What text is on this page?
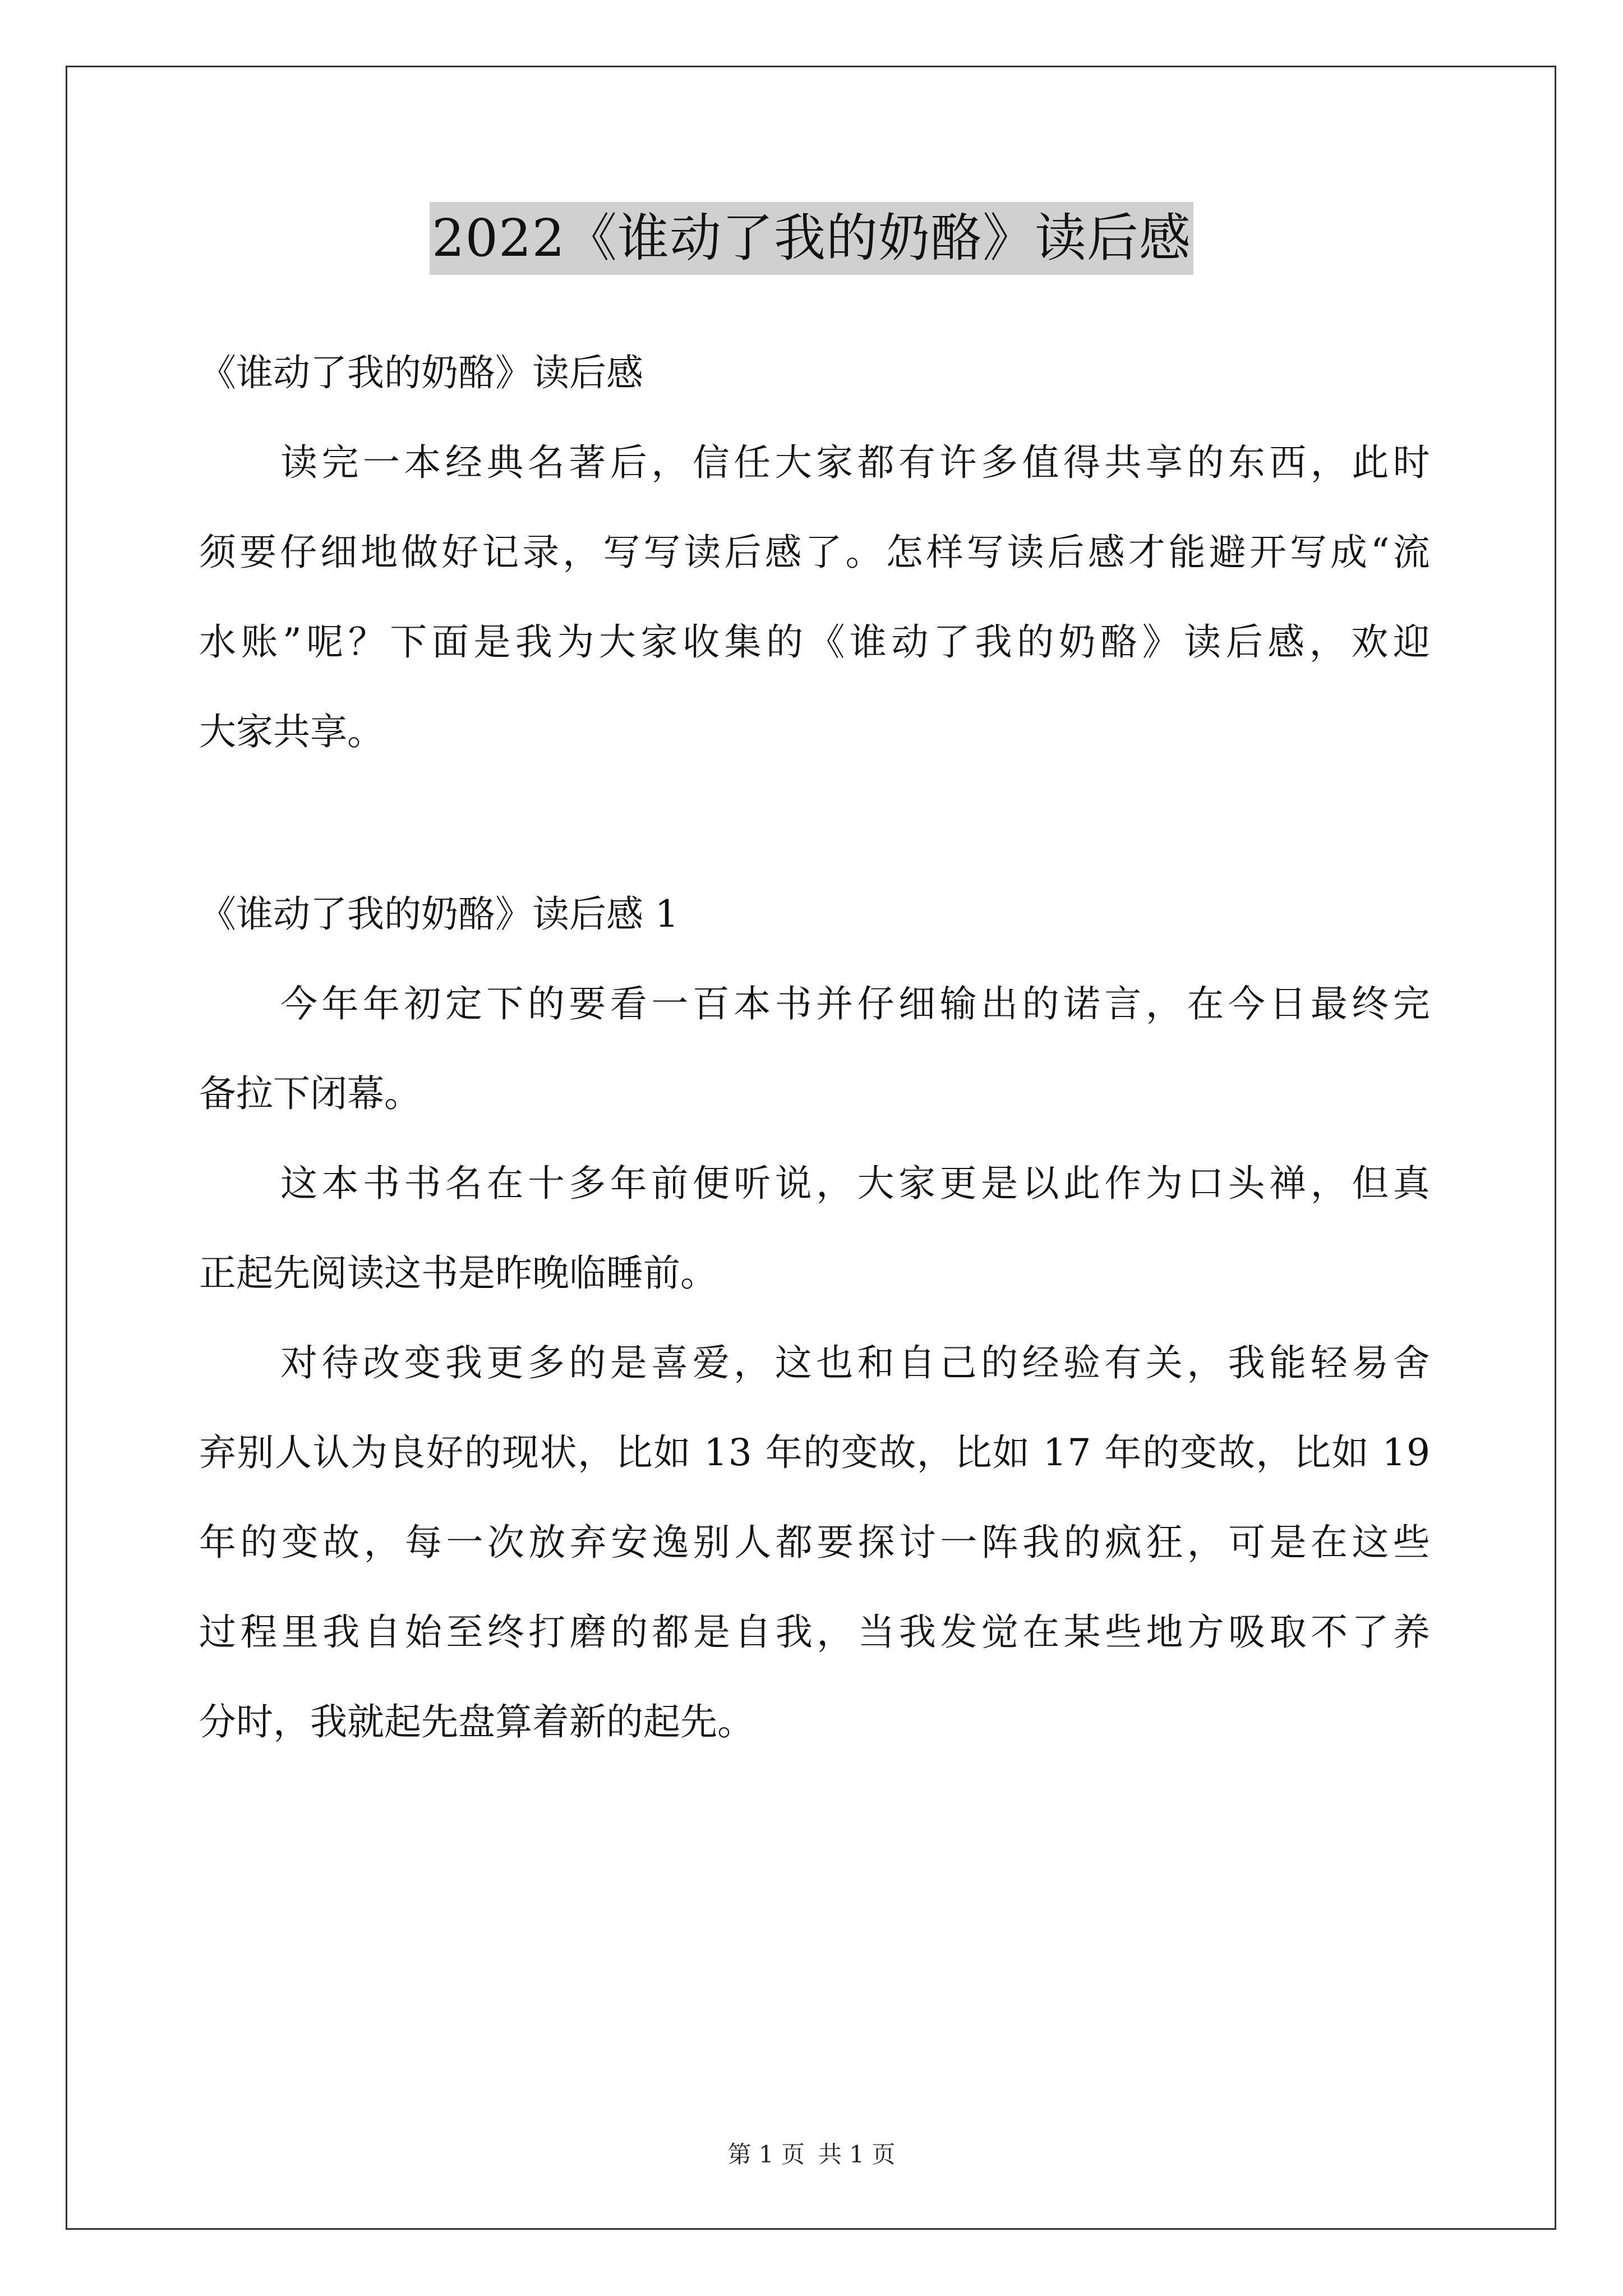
2022《谁动了我的奶酪》读后感
《谁动了我的奶酪》读后感
读 完 一 本 经 典 名 著 后 ， 信 任 大 家 都 有 许 多 值 得 共 享 的 东 西 ， 此 时
须 要 仔 细 地 做 好 记 录 ， 写 写 读 后 感 了 。 怎 样 写 读 后 感 才 能 避 开 写 成 “ 流
水 账 ” 呢 ？ 下 面 是 我 为 大 家 收 集 的 《 谁 动 了 我 的 奶 酪 》 读 后 感 ， 欢 迎
大家共享。
《谁动了我的奶酪》读后感 1
今 年 年 初 定 下 的 要 看 一 百 本 书 并 仔 细 输 出 的 诺 言 ， 在 今 日 最 终 完
备拉下闭幕。
这 本 书 书 名 在 十 多 年 前 便 听 说 ， 大 家 更 是 以 此 作 为 口 头 禅 ， 但 真
正起先阅读这书是昨晚临睡前。
对 待 改 变 我 更 多 的 是 喜 爱 ， 这 也 和 自 己 的 经 验 有 关 ， 我 能 轻 易 舍
弃 别 人 认 为 良 好 的 现 状 ， 比 如
1 3
年 的 变 故 ， 比 如
1 7
年 的 变 故 ， 比 如
1 9
年 的 变 故 ， 每 一 次 放 弃 安 逸 别 人 都 要 探 讨 一 阵 我 的 疯 狂 ， 可 是 在 这 些
过 程 里 我 自 始 至 终 打 磨 的 都 是 自 我 ， 当 我 发 觉 在 某 些 地 方 吸 取 不 了 养
分时，我就起先盘算着新的起先。
第 1 页 共 1 页
